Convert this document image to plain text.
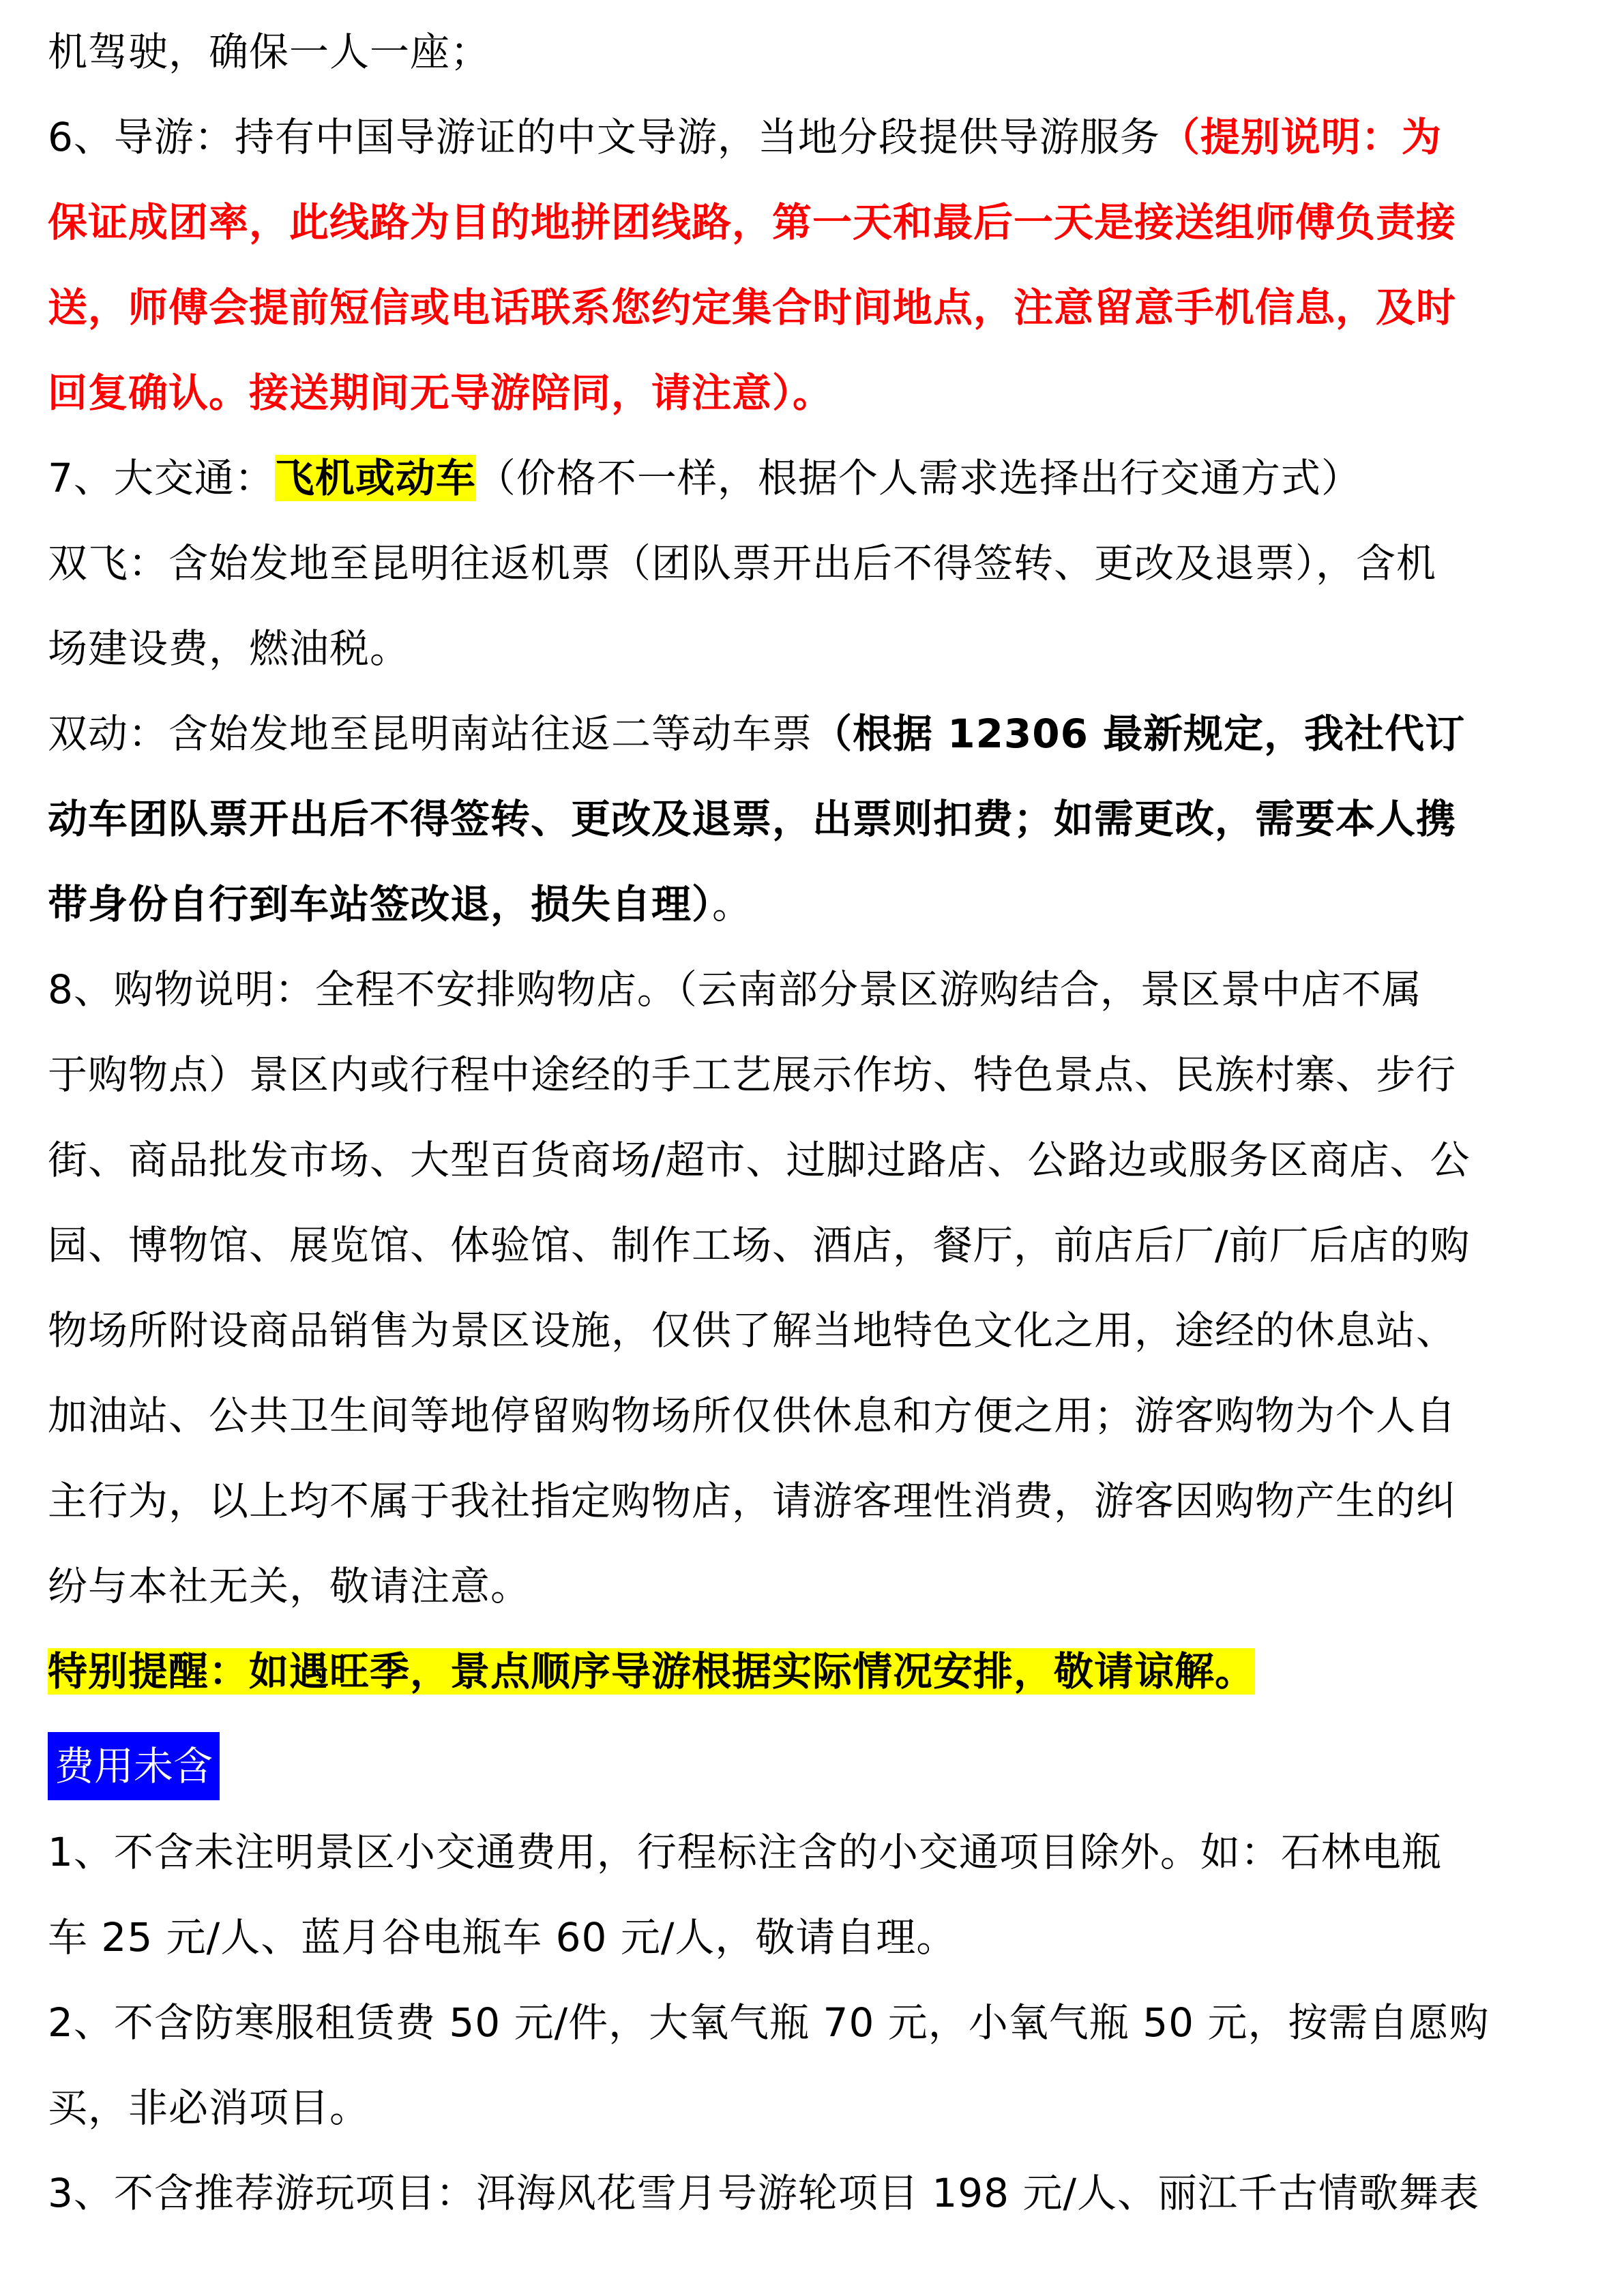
机驾驶，确保一人一座；
6、导游：持有中国导游证的中文导游，当地分段提供导游服务（提别说明：为
保证成团率，此线路为目的地拼团线路，第一天和最后一天是接送组师傅负责接
送，师傅会提前短信或电话联系您约定集合时间地点，注意留意手机信息，及时
回复确认。接送期间无导游陪同，请注意）。
7、大交通：飞机或动车（价格不一样，根据个人需求选择出行交通方式）
双飞：含始发地至昆明往返机票（团队票开出后不得签转、更改及退票），含机
场建设费，燃油税。
双动：含始发地至昆明南站往返二等动车票（根据 12306 最新规定，我社代订
动车团队票开出后不得签转、更改及退票，出票则扣费；如需更改，需要本人携
带身份自行到车站签改退，损失自理）。
8、购物说明：全程不安排购物店。（云南部分景区游购结合，景区景中店不属
于购物点）景区内或行程中途经的手工艺展示作坊、特色景点、民族村寨、步行
街、商品批发市场、大型百货商场/超市、过脚过路店、公路边或服务区商店、公
园、博物馆、展览馆、体验馆、制作工场、酒店，餐厅，前店后厂/前厂后店的购
物场所附设商品销售为景区设施，仅供了解当地特色文化之用，途经的休息站、
加油站、公共卫生间等地停留购物场所仅供休息和方便之用；游客购物为个人自
主行为，以上均不属于我社指定购物店，请游客理性消费，游客因购物产生的纠
纷与本社无关，敬请注意。
特别提醒：如遇旺季，景点顺序导游根据实际情况安排，敬请谅解。
费用未含
1、不含未注明景区小交通费用，行程标注含的小交通项目除外。如：石林电瓶
车 25 元/人、蓝月谷电瓶车 60 元/人，敬请自理。
2、不含防寒服租赁费 50 元/件，大氧气瓶 70 元，小氧气瓶 50 元，按需自愿购
买，非必消项目。
3、不含推荐游玩项目：洱海风花雪月号游轮项目 198 元/人、丽江千古情歌舞表
